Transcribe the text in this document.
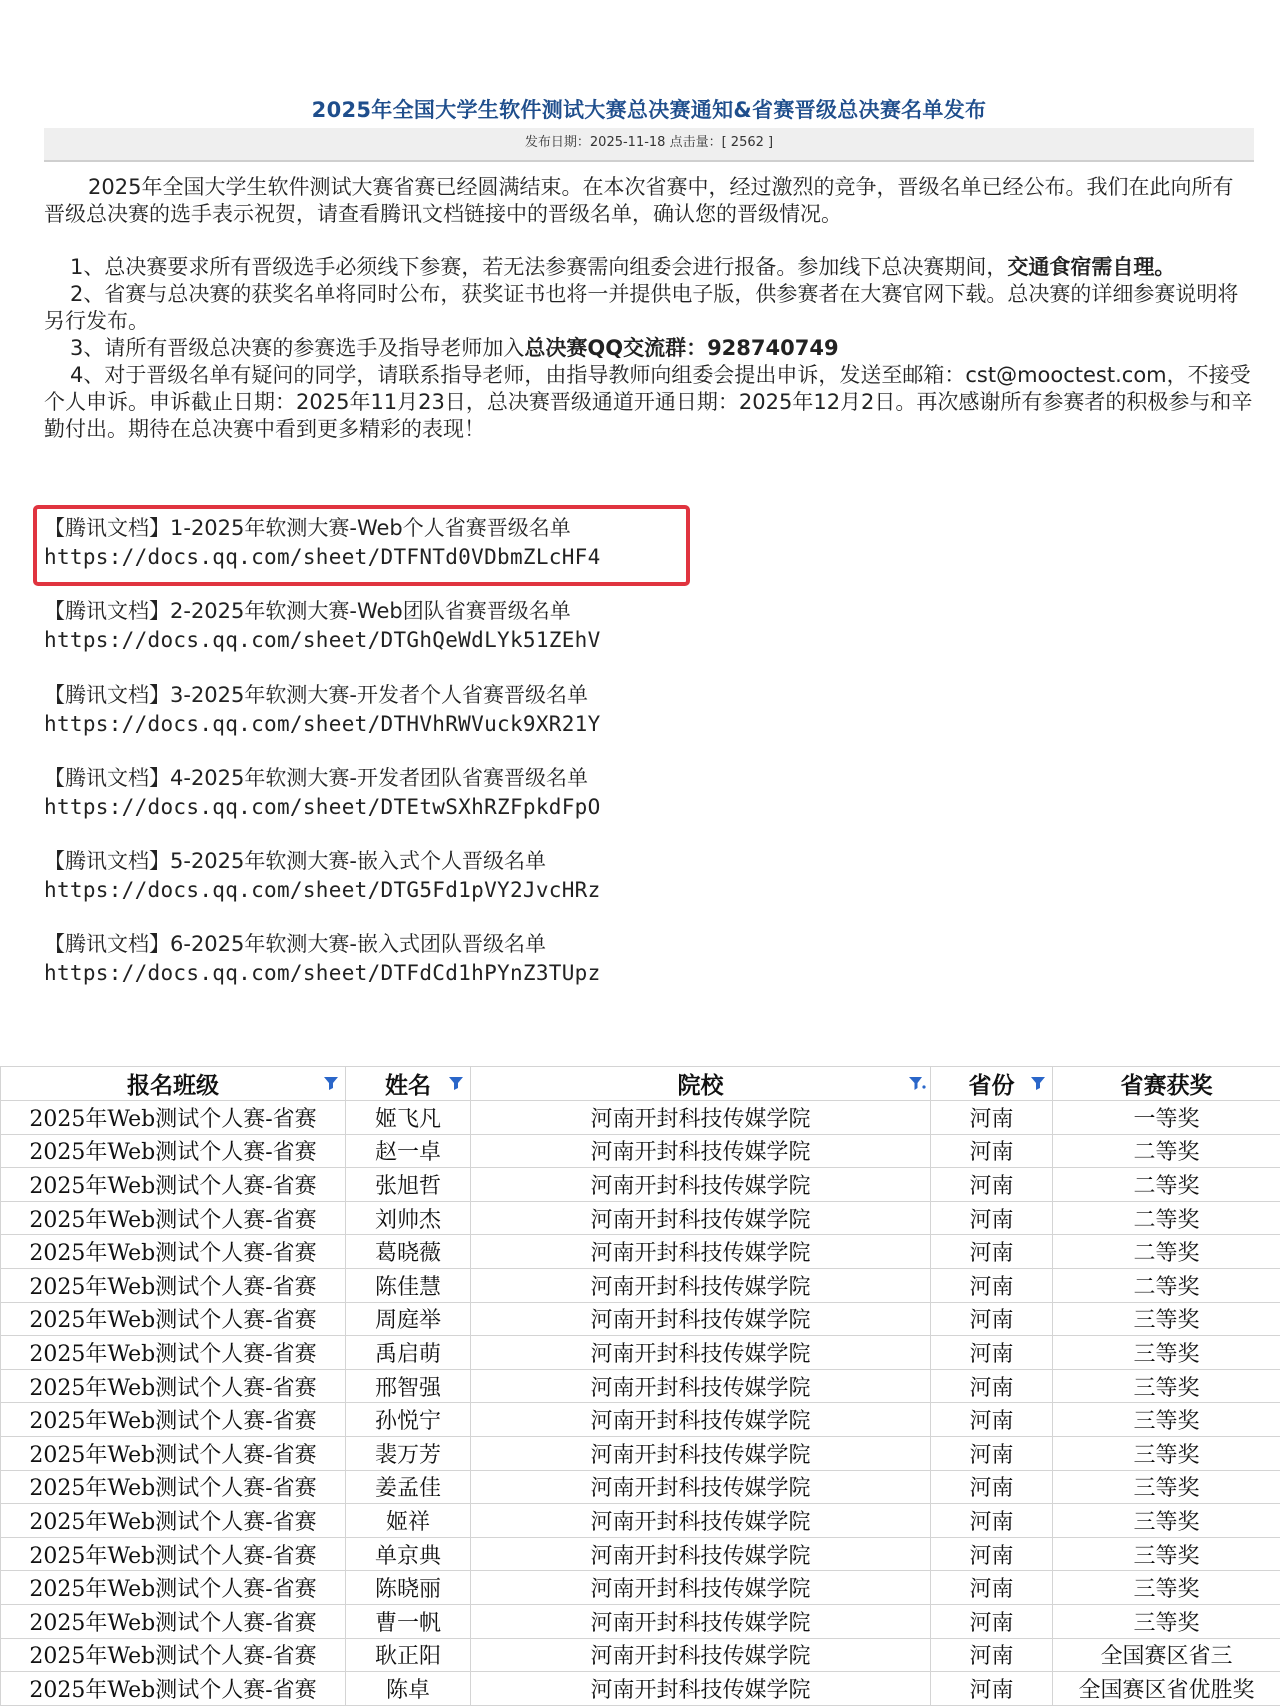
2025年全国大学生软件测试大赛总决赛通知&省赛晋级总决赛名单发布
发布日期：2025-11-18 点击量：[ 2562 ]

2025年全国大学生软件测试大赛省赛已经圆满结束。在本次省赛中，经过激烈的竞争，晋级名单已经公布。我们在此向所有晋级总决赛的选手表示祝贺，请查看腾讯文档链接中的晋级名单，确认您的晋级情况。

1、总决赛要求所有晋级选手必须线下参赛，若无法参赛需向组委会进行报备。参加线下总决赛期间，交通食宿需自理。

2、省赛与总决赛的获奖名单将同时公布，获奖证书也将一并提供电子版，供参赛者在大赛官网下载。总决赛的详细参赛说明将另行发布。

3、请所有晋级总决赛的参赛选手及指导老师加入总决赛QQ交流群：928740749

4、对于晋级名单有疑问的同学，请联系指导老师，由指导教师向组委会提出申诉，发送至邮箱：cst@mooctest.com，不接受个人申诉。申诉截止日期：2025年11月23日，总决赛晋级通道开通日期：2025年12月2日。再次感谢所有参赛者的积极参与和辛勤付出。期待在总决赛中看到更多精彩的表现！

【腾讯文档】1-2025年软测大赛-Web个人省赛晋级名单
https://docs.qq.com/sheet/DTFNTd0VDbmZLcHF4
【腾讯文档】2-2025年软测大赛-Web团队省赛晋级名单
https://docs.qq.com/sheet/DTGhQeWdLYk51ZEhV
【腾讯文档】3-2025年软测大赛-开发者个人省赛晋级名单
https://docs.qq.com/sheet/DTHVhRWVuck9XR21Y
【腾讯文档】4-2025年软测大赛-开发者团队省赛晋级名单
https://docs.qq.com/sheet/DTEtwSXhRZFpkdFpO
【腾讯文档】5-2025年软测大赛-嵌入式个人晋级名单
https://docs.qq.com/sheet/DTG5Fd1pVY2JvcHRz
【腾讯文档】6-2025年软测大赛-嵌入式团队晋级名单
https://docs.qq.com/sheet/DTFdCd1hPYnZ3TUpz
报名班级	姓名	院校	省份	省赛获奖
2025年Web测试个人赛-省赛	姬飞凡	河南开封科技传媒学院	河南	一等奖
2025年Web测试个人赛-省赛	赵一卓	河南开封科技传媒学院	河南	二等奖
2025年Web测试个人赛-省赛	张旭哲	河南开封科技传媒学院	河南	二等奖
2025年Web测试个人赛-省赛	刘帅杰	河南开封科技传媒学院	河南	二等奖
2025年Web测试个人赛-省赛	葛晓薇	河南开封科技传媒学院	河南	二等奖
2025年Web测试个人赛-省赛	陈佳慧	河南开封科技传媒学院	河南	二等奖
2025年Web测试个人赛-省赛	周庭举	河南开封科技传媒学院	河南	三等奖
2025年Web测试个人赛-省赛	禹启萌	河南开封科技传媒学院	河南	三等奖
2025年Web测试个人赛-省赛	邢智强	河南开封科技传媒学院	河南	三等奖
2025年Web测试个人赛-省赛	孙悦宁	河南开封科技传媒学院	河南	三等奖
2025年Web测试个人赛-省赛	裴万芳	河南开封科技传媒学院	河南	三等奖
2025年Web测试个人赛-省赛	姜孟佳	河南开封科技传媒学院	河南	三等奖
2025年Web测试个人赛-省赛	姬祥	河南开封科技传媒学院	河南	三等奖
2025年Web测试个人赛-省赛	单京典	河南开封科技传媒学院	河南	三等奖
2025年Web测试个人赛-省赛	陈晓丽	河南开封科技传媒学院	河南	三等奖
2025年Web测试个人赛-省赛	曹一帆	河南开封科技传媒学院	河南	三等奖
2025年Web测试个人赛-省赛	耿正阳	河南开封科技传媒学院	河南	全国赛区省三
2025年Web测试个人赛-省赛	陈卓	河南开封科技传媒学院	河南	全国赛区省优胜奖
